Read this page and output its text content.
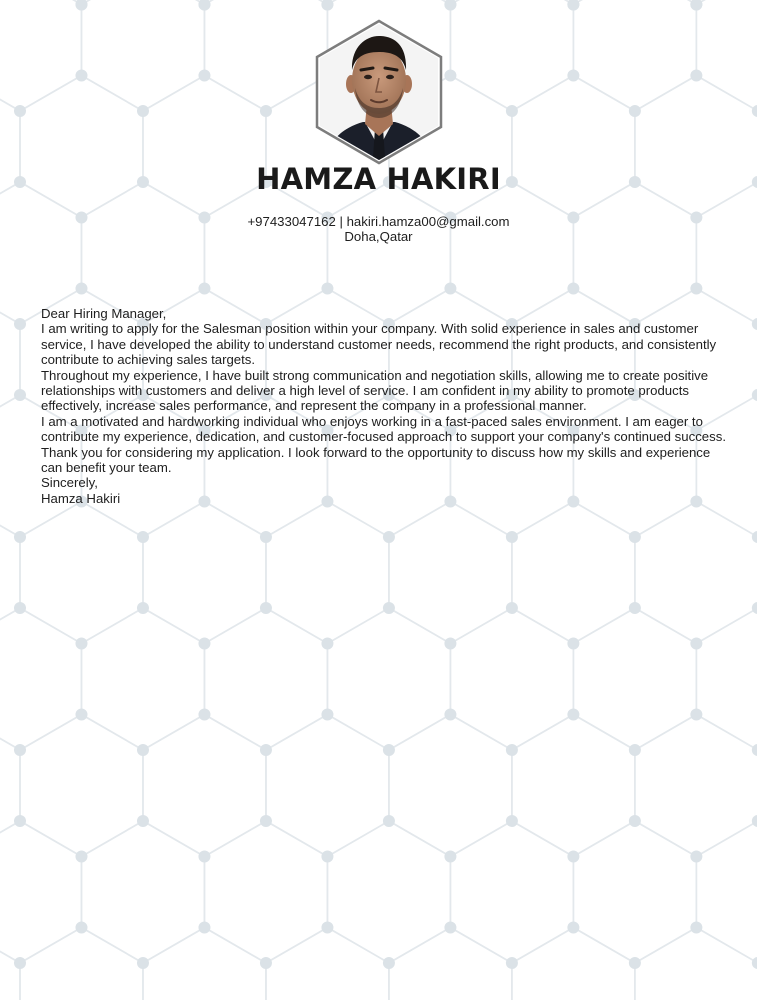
HAMZA HAKIRI
+97433047162 | hakiri.hamza00@gmail.com
Doha,Qatar

Dear Hiring Manager,

I am writing to apply for the Salesman position within your company. With solid experience in sales and customer service, I have developed the ability to understand customer needs, recommend the right products, and consistently contribute to achieving sales targets.

Throughout my experience, I have built strong communication and negotiation skills, allowing me to create positive relationships with customers and deliver a high level of service. I am confident in my ability to promote products effectively, increase sales performance, and represent the company in a professional manner.

I am a motivated and hardworking individual who enjoys working in a fast-paced sales environment. I am eager to contribute my experience, dedication, and customer-focused approach to support your company's continued success.

Thank you for considering my application. I look forward to the opportunity to discuss how my skills and experience can benefit your team.

Sincerely,

Hamza Hakiri
